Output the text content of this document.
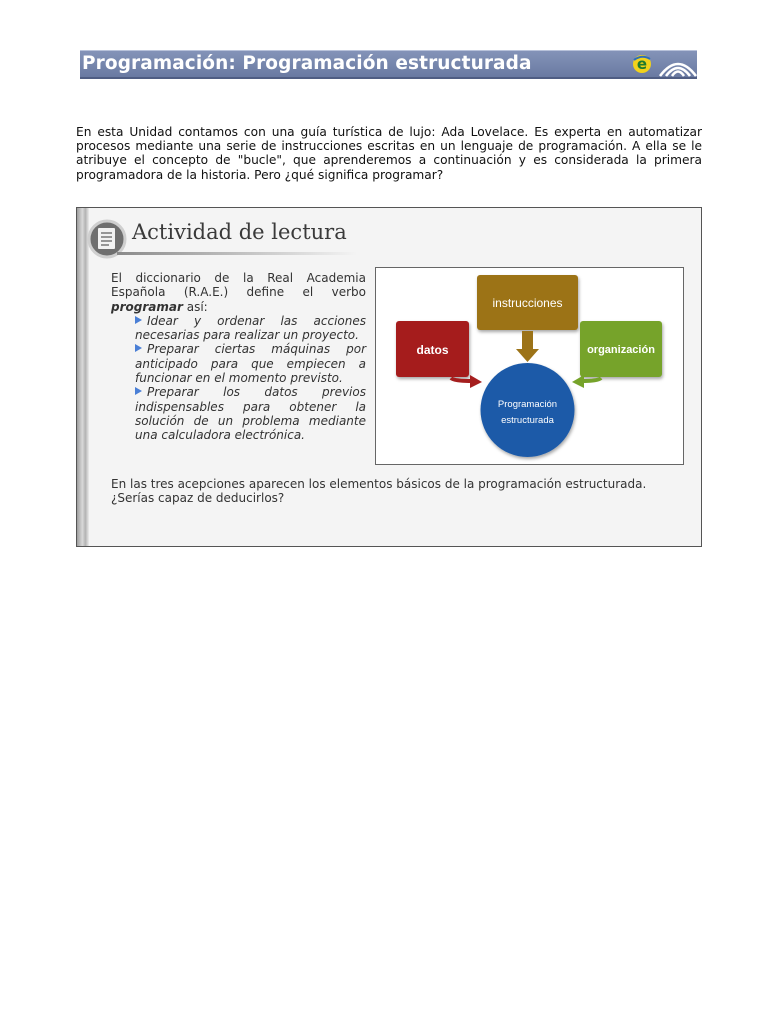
Programación: Programación estructurada	e

En esta Unidad contamos con una guía turística de lujo: Ada Lovelace. Es experta en automatizar procesos mediante una serie de instrucciones escritas en un lenguaje de programación. A ella se le atribuye el concepto de "bucle", que aprenderemos a continuación y es considerada la primera programadora de la historia. Pero ¿qué significa programar?

Actividad de lectura
El diccionario de la Real Academia Española (R.A.E.) define el verbo programar así:
Idear y ordenar las acciones necesarias para realizar un proyecto.
Preparar ciertas máquinas por anticipado para que empiecen a funcionar en el momento previsto.
Preparar los datos previos indispensables para obtener la solución de un problema mediante una calculadora electrónica.
instrucciones
datos	organización
Programación
estructurada
En las tres acepciones aparecen los elementos básicos de la programación estructurada. ¿Serías capaz de deducirlos?
